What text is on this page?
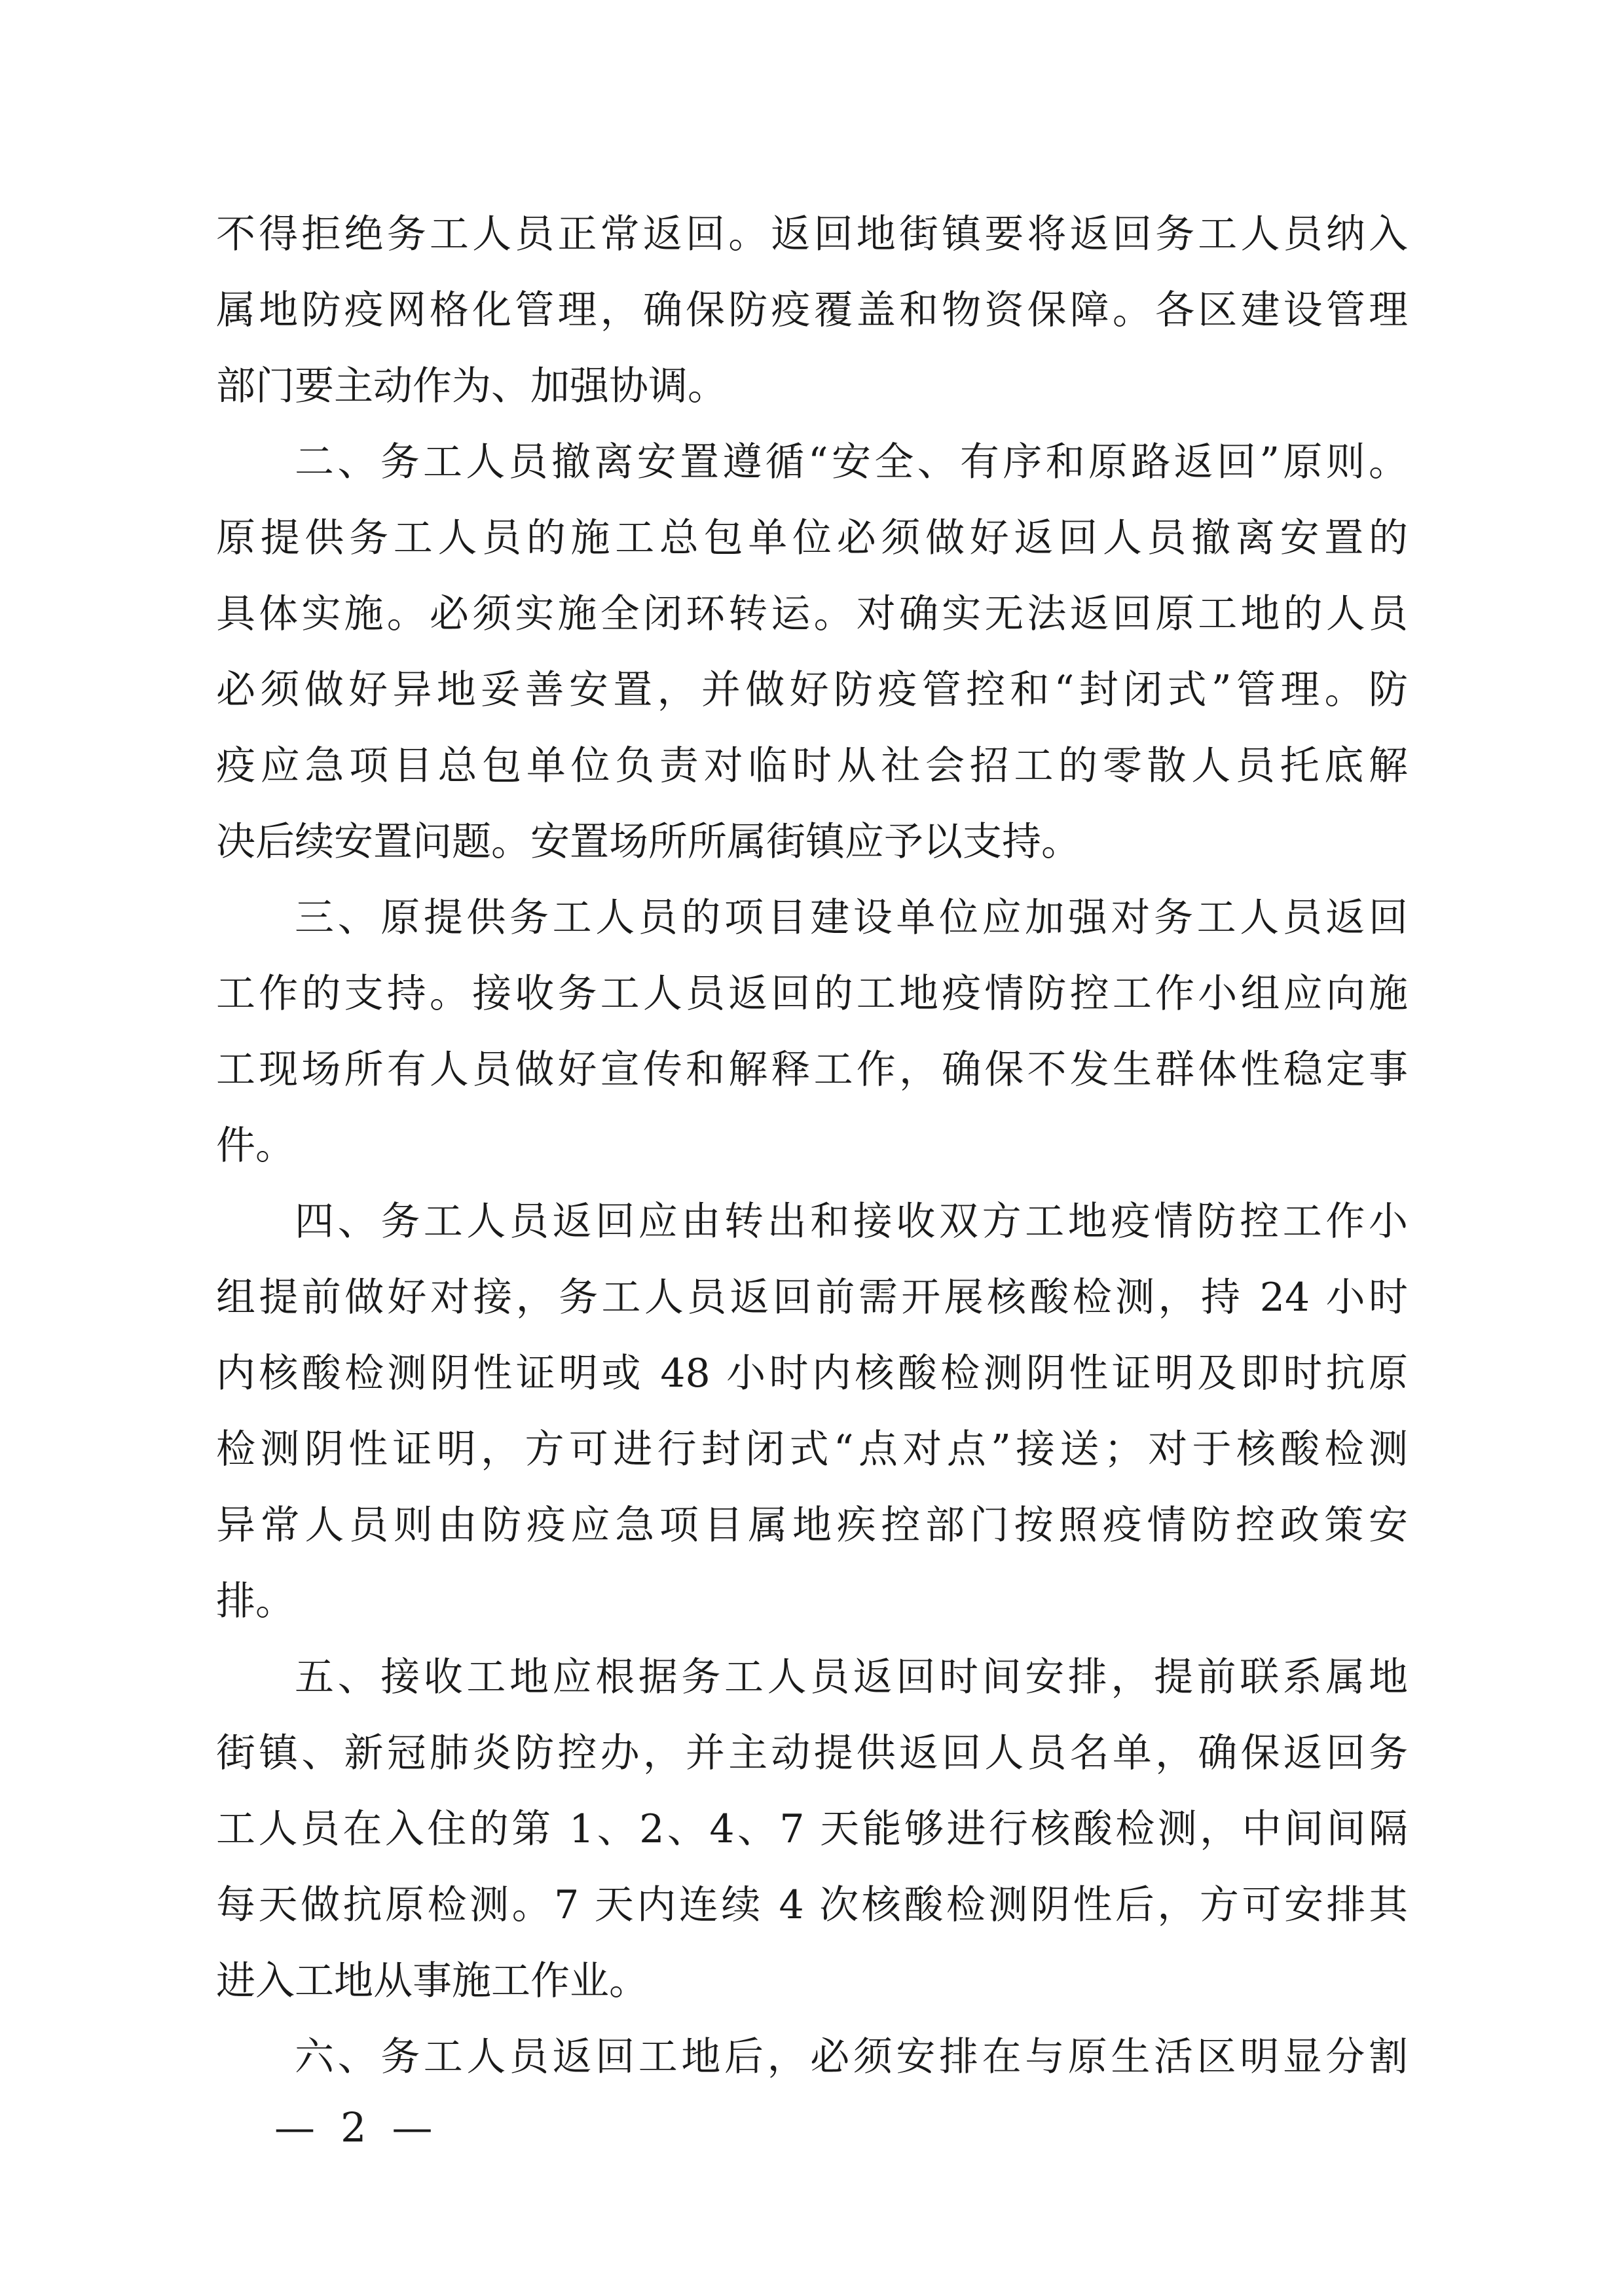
不得拒绝务工人员正常返回。返回地街镇要将返回务工人员纳入
属地防疫网格化管理，确保防疫覆盖和物资保障。各区建设管理
部门要主动作为、加强协调。
二、务工人员撤离安置遵循“安全、有序和原路返回”原则。
原提供务工人员的施工总包单位必须做好返回人员撤离安置的
具体实施。必须实施全闭环转运。对确实无法返回原工地的人员
必须做好异地妥善安置，并做好防疫管控和“封闭式”管理。防
疫应急项目总包单位负责对临时从社会招工的零散人员托底解
决后续安置问题。安置场所所属街镇应予以支持。
三、原提供务工人员的项目建设单位应加强对务工人员返回
工作的支持。接收务工人员返回的工地疫情防控工作小组应向施
工现场所有人员做好宣传和解释工作，确保不发生群体性稳定事
件。
四、务工人员返回应由转出和接收双方工地疫情防控工作小
组提前做好对接，务工人员返回前需开展核酸检测，持 24 小时
内核酸检测阴性证明或 48 小时内核酸检测阴性证明及即时抗原
检测阴性证明，方可进行封闭式“点对点”接送；对于核酸检测
异常人员则由防疫应急项目属地疾控部门按照疫情防控政策安
排。
五、接收工地应根据务工人员返回时间安排，提前联系属地
街镇、新冠肺炎防控办，并主动提供返回人员名单，确保返回务
工人员在入住的第 1、2、4、7 天能够进行核酸检测，中间间隔
每天做抗原检测。7 天内连续 4 次核酸检测阴性后，方可安排其
进入工地从事施工作业。
六、务工人员返回工地后，必须安排在与原生活区明显分割
— 2 —
